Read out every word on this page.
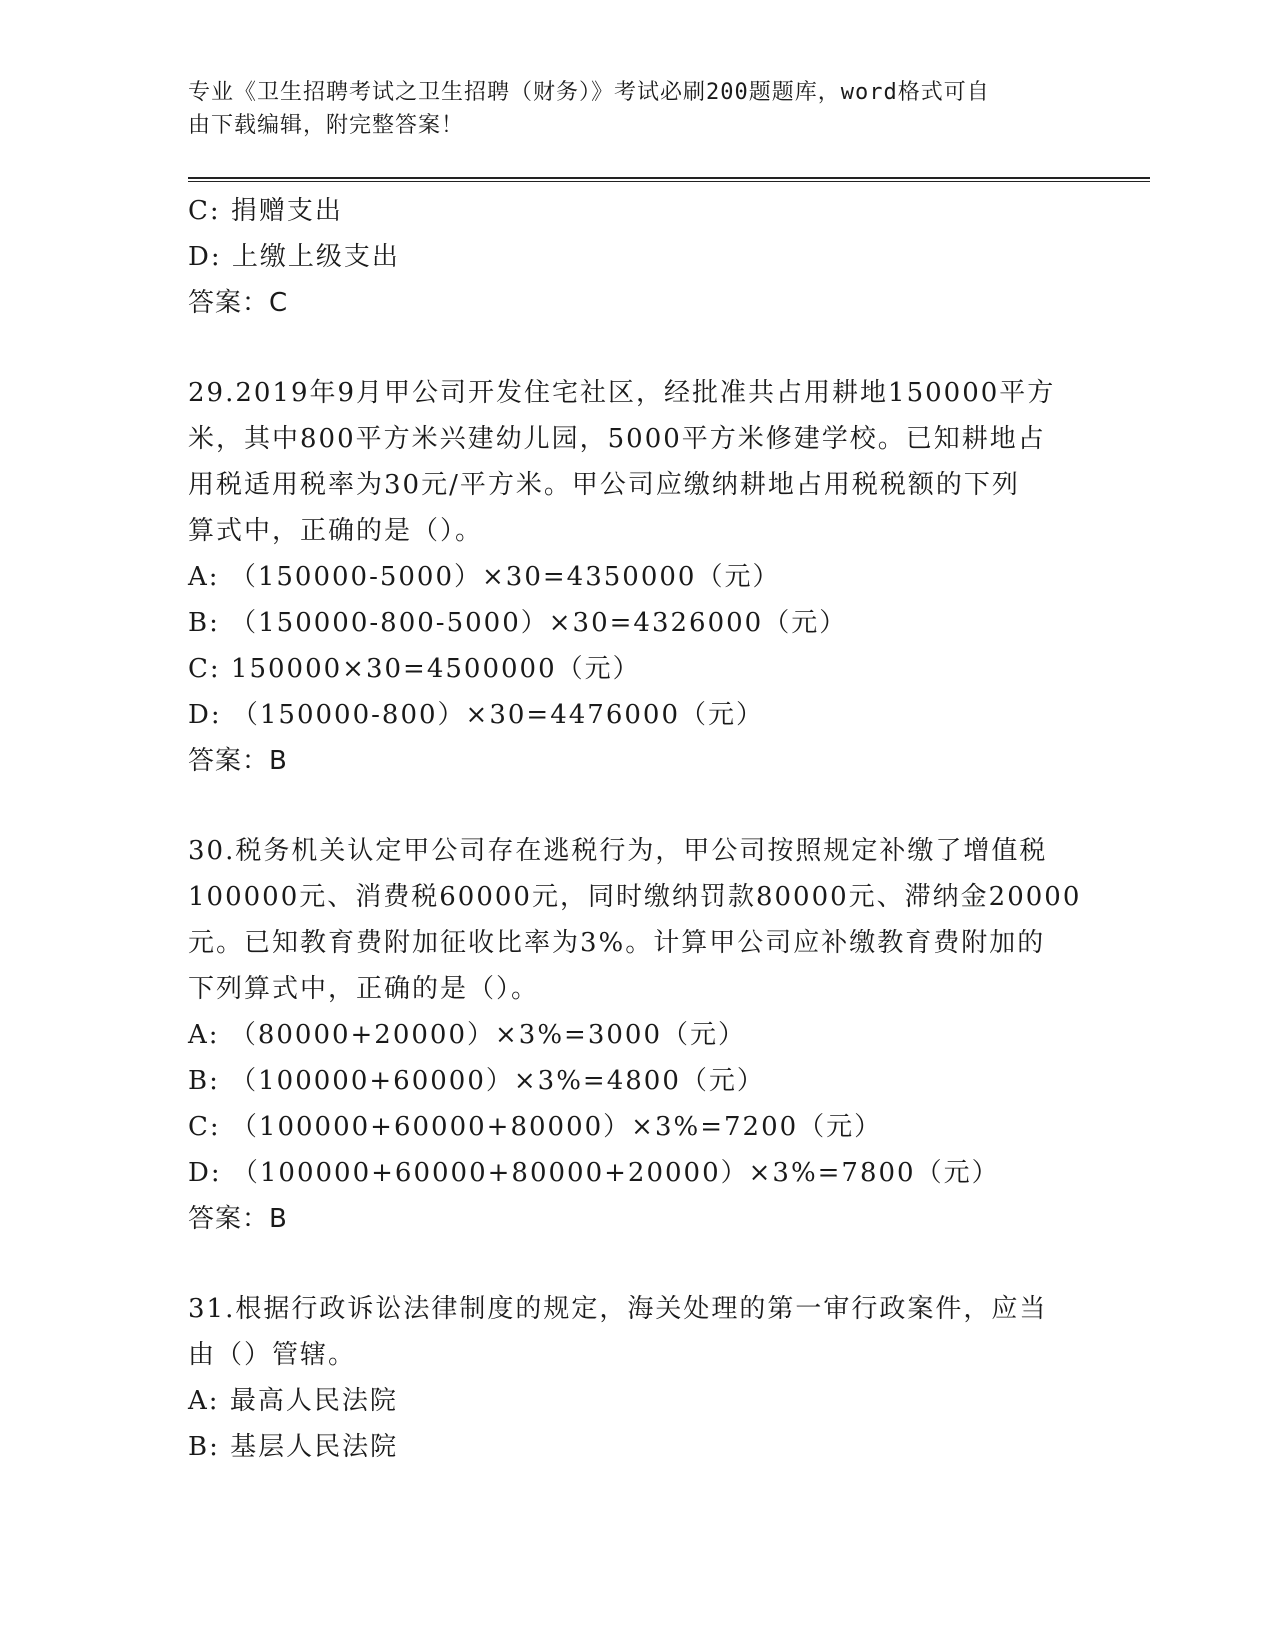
专业《卫生招聘考试之卫生招聘（财务）》考试必刷200题题库，word格式可自
由下载编辑，附完整答案！
C: 捐赠支出
D: 上缴上级支出
答案：C
29.2019年9月甲公司开发住宅社区，经批准共占用耕地150000平方
米，其中800平方米兴建幼儿园，5000平方米修建学校。已知耕地占
用税适用税率为30元/平方米。甲公司应缴纳耕地占用税税额的下列
算式中，正确的是（）。
A: （150000-5000）×30=4350000（元）
B: （150000-800-5000）×30=4326000（元）
C: 150000×30=4500000（元）
D: （150000-800）×30=4476000（元）
答案：B
30.税务机关认定甲公司存在逃税行为，甲公司按照规定补缴了增值税
100000元、消费税60000元，同时缴纳罚款80000元、滞纳金20000
元。已知教育费附加征收比率为3%。计算甲公司应补缴教育费附加的
下列算式中，正确的是（）。
A: （80000+20000）×3%=3000（元）
B: （100000+60000）×3%=4800（元）
C: （100000+60000+80000）×3%=7200（元）
D: （100000+60000+80000+20000）×3%=7800（元）
答案：B
31.根据行政诉讼法律制度的规定，海关处理的第一审行政案件，应当
由（）管辖。
A: 最高人民法院
B: 基层人民法院
